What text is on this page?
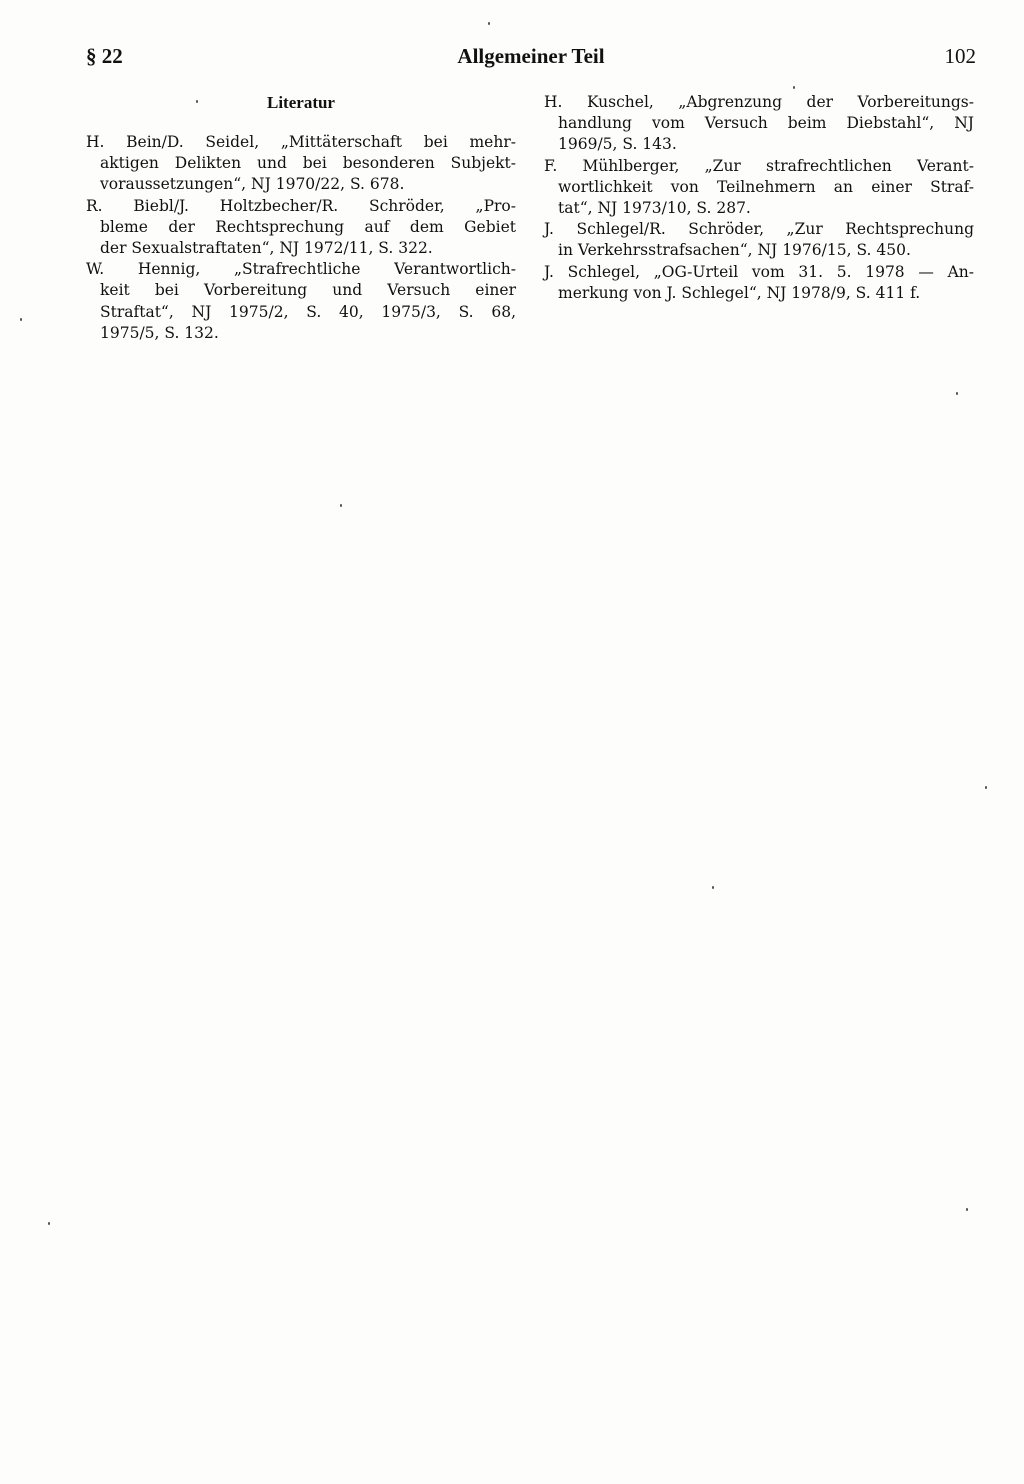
§ 22	Allgemeiner Teil	102
Literatur
H. Bein/D. Seidel, „Mittäterschaft bei mehr-
aktigen Delikten und bei besonderen Subjekt-
voraussetzungen“, NJ 1970/22, S. 678.
R. Biebl/J. Holtzbecher/R. Schröder, „Pro-
bleme der Rechtsprechung auf dem Gebiet
der Sexualstraftaten“, NJ 1972/11, S. 322.
W. Hennig, „Strafrechtliche Verantwortlich-
keit bei Vorbereitung und Versuch einer
Straftat“, NJ 1975/2, S. 40, 1975/3, S. 68,
1975/5, S. 132.
H. Kuschel, „Abgrenzung der Vorbereitungs-
handlung vom Versuch beim Diebstahl“, NJ
1969/5, S. 143.
F. Mühlberger, „Zur strafrechtlichen Verant-
wortlichkeit von Teilnehmern an einer Straf-
tat“, NJ 1973/10, S. 287.
J. Schlegel/R. Schröder, „Zur Rechtsprechung
in Verkehrsstrafsachen“, NJ 1976/15, S. 450.
J. Schlegel, „OG-Urteil vom 31. 5. 1978 — An-
merkung von J. Schlegel“, NJ 1978/9, S. 411 f.
